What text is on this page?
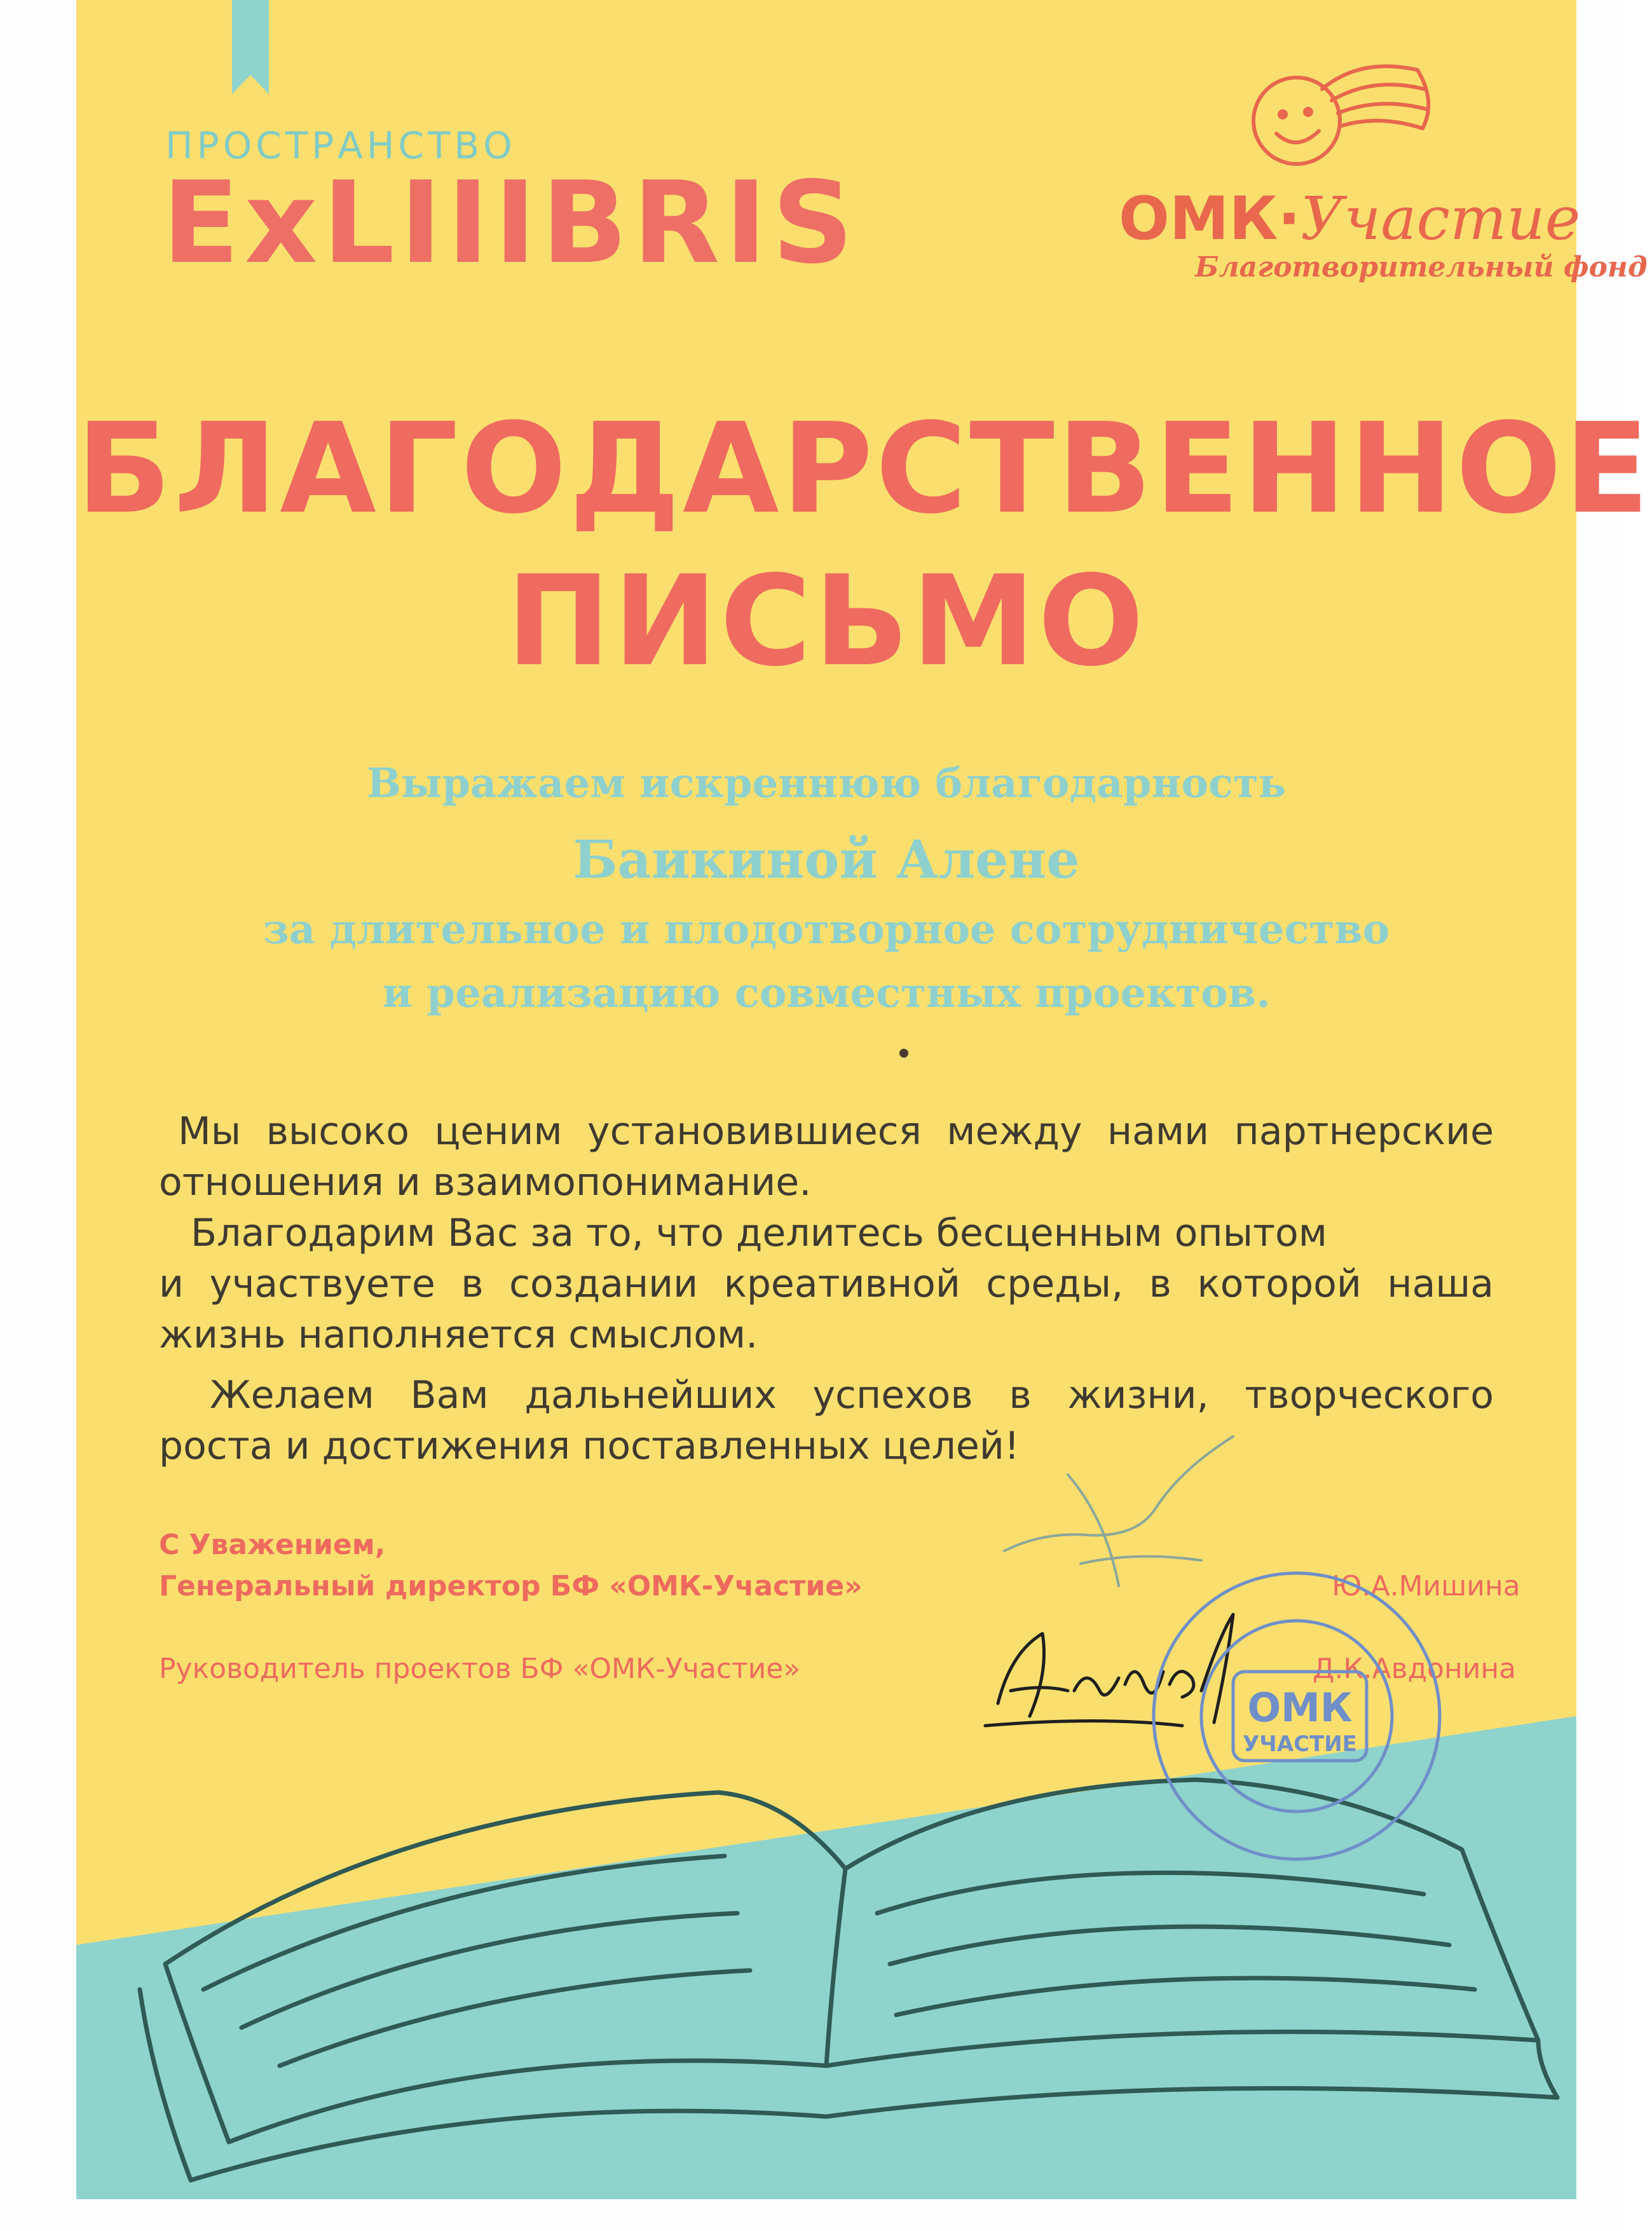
ПРОСТРАНСТВО
ExLIIIBRIS	ОМК·Участие
Благотворительный фонд
БЛАГОДАРСТВЕННОЕ
ПИСЬМО
Выражаем искреннюю благодарность
Баикиной Алене
за длительное и плодотворное сотрудничество
и реализацию совместных проектов.
Мы высоко ценим установившиеся между нами партнерские
отношения и взаимопонимание.
Благодарим Вас за то, что делитесь бесценным опытом
и участвуете в создании креативной среды, в которой наша
жизнь наполняется смыслом.
Желаем Вам дальнейших успехов в жизни, творческого
роста и достижения поставленных целей!
С Уважением,
Генеральный директор БФ «ОМК-Участие»	Ю.А.Мишина
Руководитель проектов БФ «ОМК-Участие»	Д.К.Авдонина
ОМК
УЧАСТИЕ
